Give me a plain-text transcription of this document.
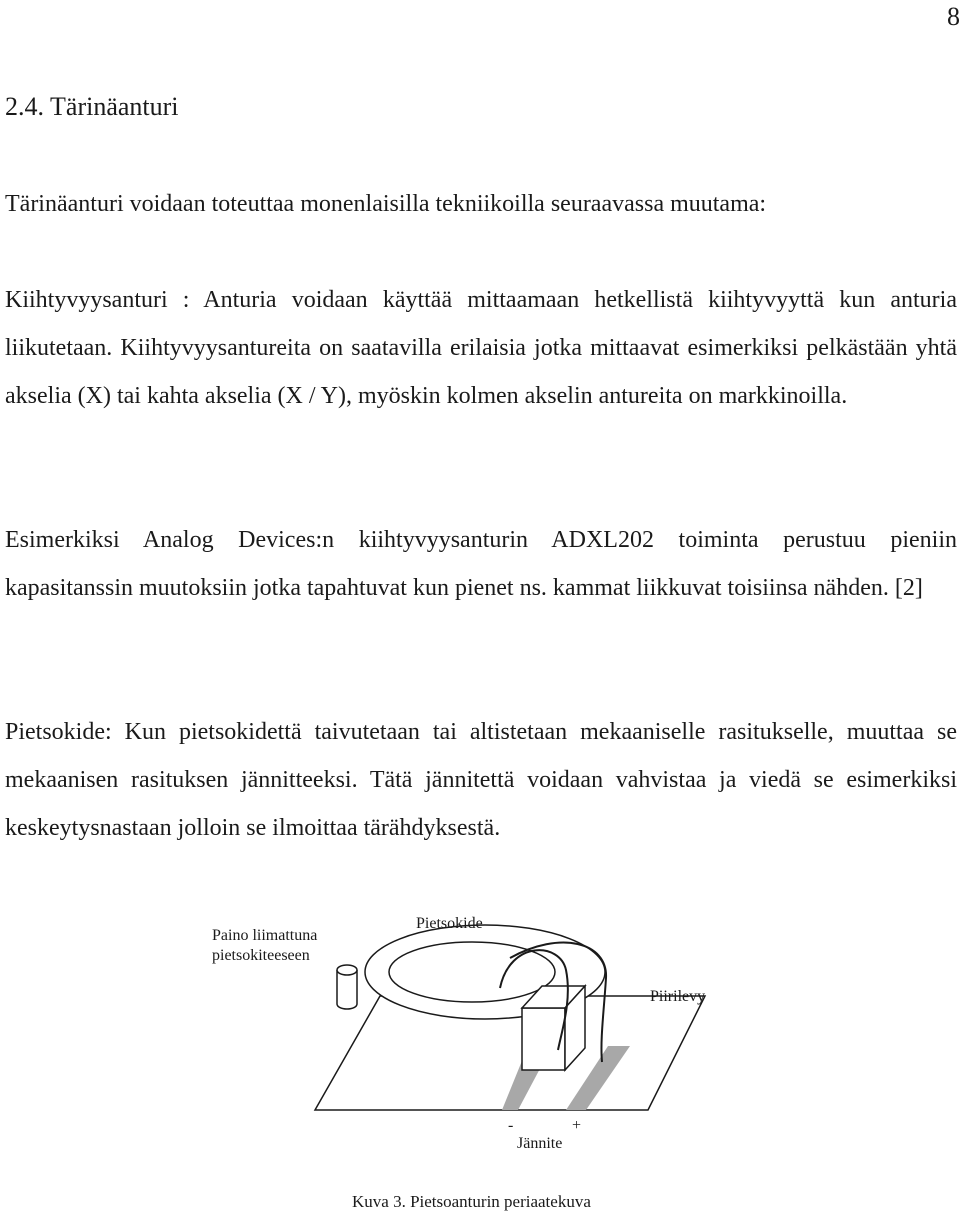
8
2.4. Tärinäanturi

Tärinäanturi voidaan toteuttaa monenlaisilla tekniikoilla seuraavassa muutama:

Kiihtyvyysanturi : Anturia voidaan käyttää mittaamaan hetkellistä kiihtyvyyttä kun anturia liikutetaan. Kiihtyvyysantureita on saatavilla erilaisia jotka mittaavat esimerkiksi pelkästään yhtä akselia (X) tai kahta akselia (X / Y), myöskin kolmen akselin antureita on markkinoilla.

Esimerkiksi Analog Devices:n kiihtyvyysanturin ADXL202 toiminta perustuu pieniin kapasitanssin muutoksiin jotka tapahtuvat kun pienet ns. kammat liikkuvat toisiinsa nähden. [2]

Pietsokide: Kun pietsokidettä taivutetaan tai altistetaan mekaaniselle rasitukselle, muuttaa se mekaanisen rasituksen jännitteeksi. Tätä jännitettä voidaan vahvistaa ja viedä se esimerkiksi keskeytysnastaan jolloin se ilmoittaa tärähdyksestä.

Paino liimattuna
pietsokiteeseen
Pietsokide
Piirilevy
-	+
Jännite
Kuva 3. Pietsoanturin periaatekuva
